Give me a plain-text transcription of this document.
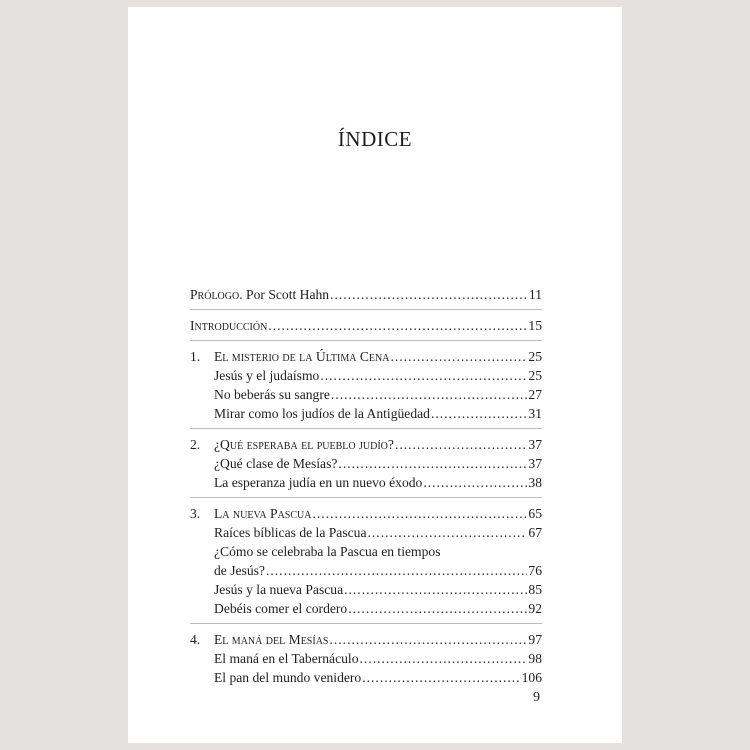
ÍNDICE
Prólogo. Por Scott Hahn .....	11
Introducción .....	15
1.	El misterio de la Última Cena .....	25
Jesús y el judaísmo .....	25
No beberás su sangre .....	27
Mirar como los judíos de la Antigüedad .....	31
2.	¿Qué esperaba el pueblo judío? .....	37
¿Qué clase de Mesías? .....	37
La esperanza judía en un nuevo éxodo .....	38
3.	La nueva Pascua .....	65
Raíces bíblicas de la Pascua .....	67
¿Cómo se celebraba la Pascua en tiempos
de Jesús? .....	76
Jesús y la nueva Pascua .....	85
Debéis comer el cordero .....	92
4.	El maná del Mesías .....	97
El maná en el Tabernáculo .....	98
El pan del mundo venidero .....	106
9
